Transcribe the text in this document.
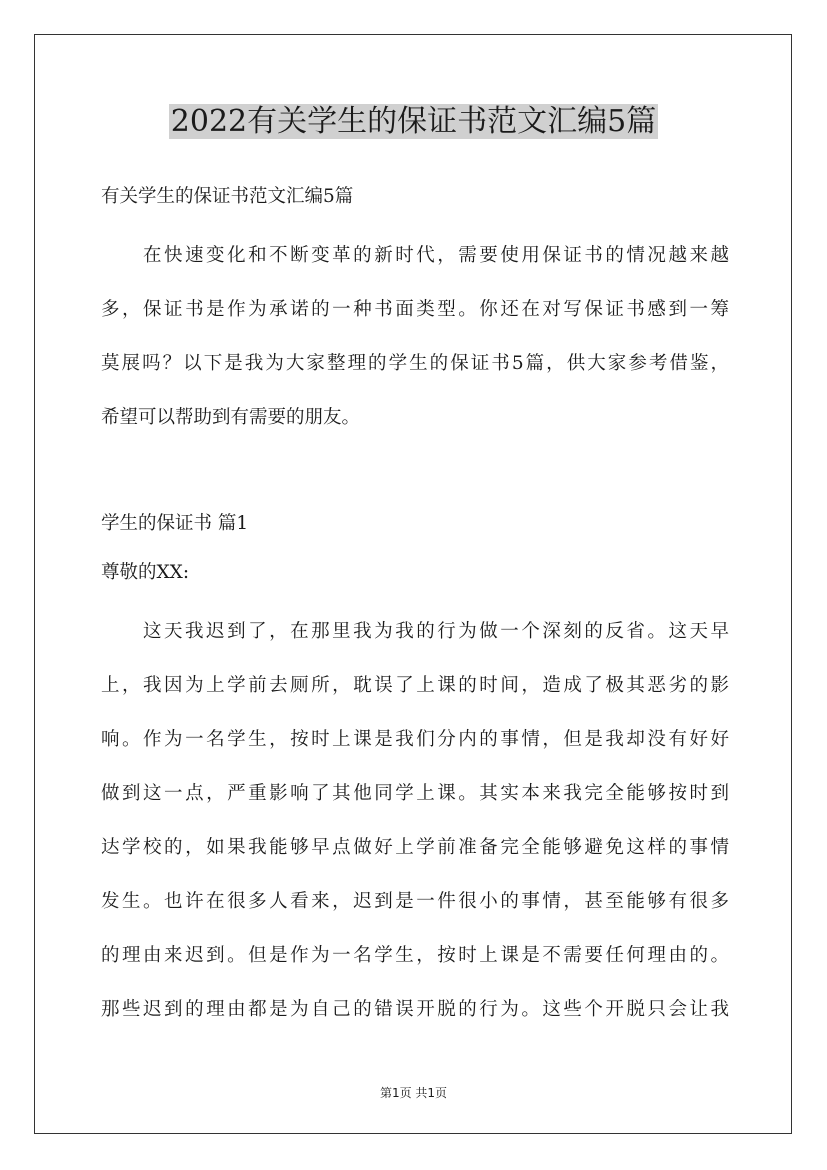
2022有关学生的保证书范文汇编5篇
有关学生的保证书范文汇编5篇
在快速变化和不断变革的新时代，需要使用保证书的情况越来越
多，保证书是作为承诺的一种书面类型。你还在对写保证书感到一筹
莫展吗？以下是我为大家整理的学生的保证书5篇，供大家参考借鉴，
希望可以帮助到有需要的朋友。
学生的保证书 篇1
尊敬的XX:
这天我迟到了，在那里我为我的行为做一个深刻的反省。这天早
上，我因为上学前去厕所，耽误了上课的时间，造成了极其恶劣的影
响。作为一名学生，按时上课是我们分内的事情，但是我却没有好好
做到这一点，严重影响了其他同学上课。其实本来我完全能够按时到
达学校的，如果我能够早点做好上学前准备完全能够避免这样的事情
发生。也许在很多人看来，迟到是一件很小的事情，甚至能够有很多
的理由来迟到。但是作为一名学生，按时上课是不需要任何理由的。
那些迟到的理由都是为自己的错误开脱的行为。这些个开脱只会让我
第1页 共1页
